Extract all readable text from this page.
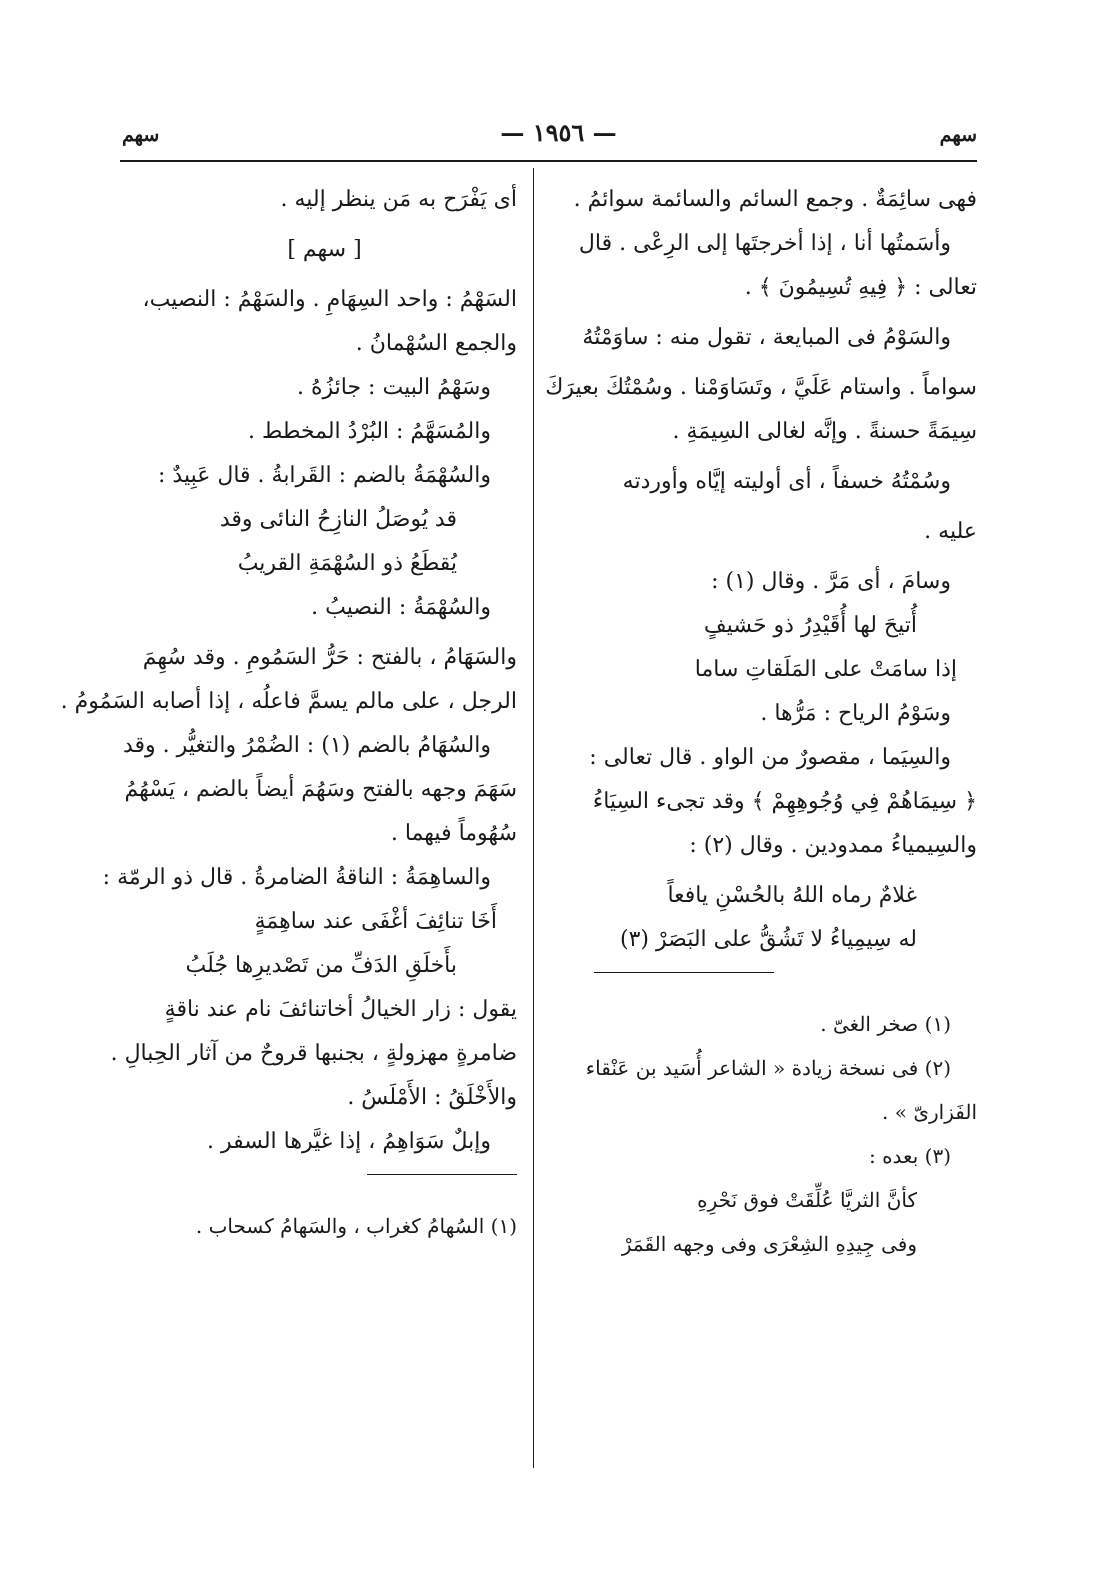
سهم
— ١٩٥٦ —
سهم
فهى سائِمَةٌ . وجمع السائم والسائمة سوائمُ .
وأسَمتُها أنا ، إذا أخرجتَها إلى الرِعْى . قال
تعالى : ﴿ فِيهِ تُسِيمُونَ ﴾ .
والسَوْمُ فى المبايعة ، تقول منه : ساوَمْتُهُ
سواماً . واستام عَلَيَّ ، وتَسَاوَمْنا . وسُمْتُكَ بعيرَكَ
سِيمَةً حسنةً . وإنَّه لغالى السِيمَةِ .
وسُمْتُهُ خسفاً ، أى أوليته إيَّاه وأوردته
عليه .
وسامَ ، أى مَرَّ . وقال (١) :
أُتيحَ لها أُقَيْدِرُ ذو حَشيفٍ
إذا سامَتْ على المَلَقاتِ ساما
وسَوْمُ الرياح : مَرُّها .
والسِيَما ، مقصورٌ من الواو . قال تعالى :
﴿ سِيمَاهُمْ فِي وُجُوهِهِمْ ﴾ وقد تجىء السِيَاءُ
والسِيمياءُ ممدودين . وقال (٢) :
غلامٌ رماه اللهُ بالحُسْنِ يافعاً
له سِيمِياءُ لا تَشُقُّ على البَصَرْ (٣)
(١) صخر الغىّ .
(٢) فى نسخة زيادة « الشاعر أُسَيد بن عَنْقاء
الفَزارىّ » .
(٣) بعده :
كأنَّ الثريَّا عُلِّقَتْ فوق نَحْرِهِ
وفى جِيدِهِ الشِعْرَى وفى وجهه القَمَرْ
أى يَفْرَح به مَن ينظر إليه .
[ سهم ]
السَهْمُ : واحد السِهَامِ . والسَهْمُ : النصيب،
والجمع السُهْمانُ .
وسَهْمُ البيت : جائزُهُ .
والمُسَهَّمُ : البُرْدُ المخطط .
والسُهْمَةُ بالضم : القَرابةُ . قال عَبِيدٌ :
قد يُوصَلُ النازِحُ النائى وقد
يُقطَعُ ذو السُهْمَةِ القريبُ
والسُهْمَةُ : النصيبُ .
والسَهَامُ ، بالفتح : حَرُّ السَمُومِ . وقد سُهِمَ
الرجل ، على مالم يسمَّ فاعلُه ، إذا أصابه السَمُومُ .
والسُهَامُ بالضم (١) : الضُمْرُ والتغيُّر . وقد
سَهَمَ وجهه بالفتح وسَهُمَ أيضاً بالضم ، يَسْهُمُ
سُهُوماً فيهما .
والساهِمَةُ : الناقةُ الضامرةُ . قال ذو الرمّة :
أَخَا تنائِفَ أغْفَى عند ساهِمَةٍ
بأَخلَقِ الدَفِّ من تَصْديرِها جُلَبُ
يقول : زار الخيالُ أخاتنائفَ نام عند ناقةٍ
ضامرةٍ مهزولةٍ ، بجنبها قروحٌ من آثار الحِبالِ .
والأَخْلَقُ : الأَمْلَسُ .
وإبلٌ سَوَاهِمُ ، إذا غيَّرها السفر .
(١) السُهامُ كغراب ، والسَهامُ كسحاب .
